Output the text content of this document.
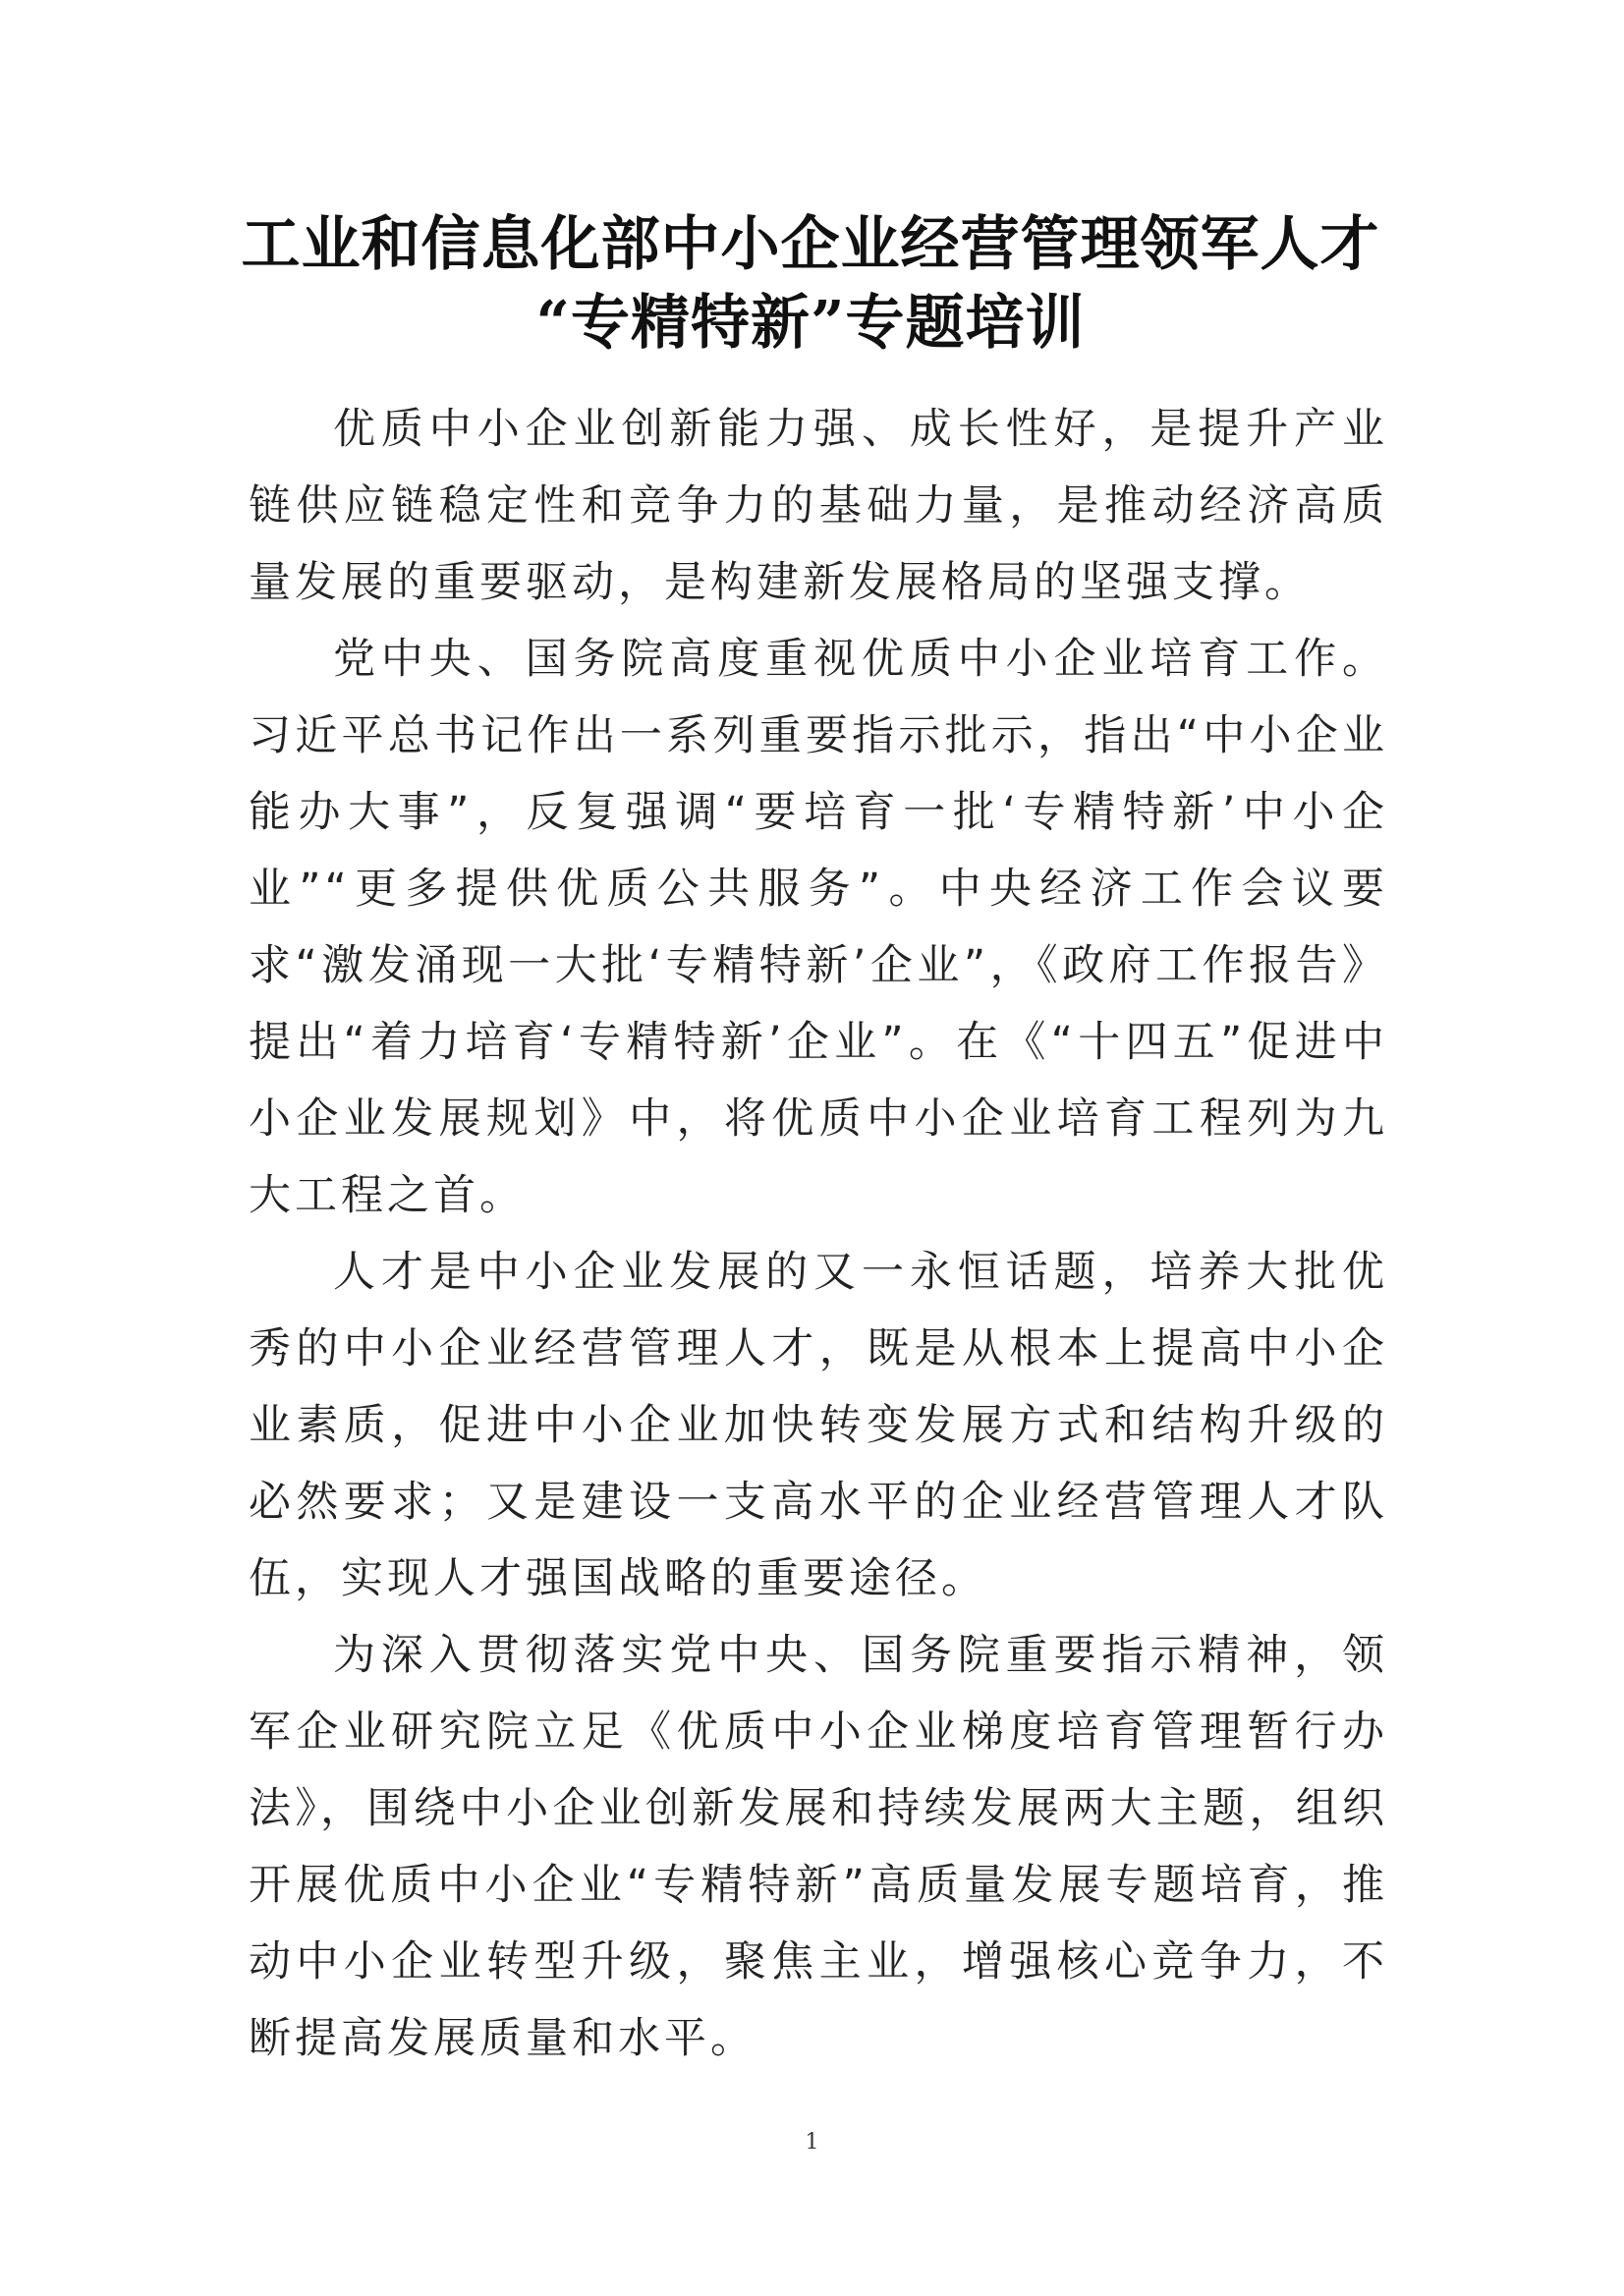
工业和信息化部中小企业经营管理领军人才
“专精特新”专题培训

优质中小企业创新能力强、成长性好，是提升产业链供应链稳定性和竞争力的基础力量，是推动经济高质量发展的重要驱动，是构建新发展格局的坚强支撑。

党中央、国务院高度重视优质中小企业培育工作。习近平总书记作出一系列重要指示批示，指出“中小企业能办大事”，反复强调“要培育一批‘专精特新’中小企业”“更多提供优质公共服务”。中央经济工作会议要求“激发涌现一大批‘专精特新’企业”，《政府工作报告》提出“着力培育‘专精特新’企业”。在《“十四五”促进中小企业发展规划》中，将优质中小企业培育工程列为九大工程之首。

人才是中小企业发展的又一永恒话题，培养大批优秀的中小企业经营管理人才，既是从根本上提高中小企业素质，促进中小企业加快转变发展方式和结构升级的必然要求；又是建设一支高水平的企业经营管理人才队伍，实现人才强国战略的重要途径。

为深入贯彻落实党中央、国务院重要指示精神，领军企业研究院立足《优质中小企业梯度培育管理暂行办法》，围绕中小企业创新发展和持续发展两大主题，组织开展优质中小企业“专精特新”高质量发展专题培育，推动中小企业转型升级，聚焦主业，增强核心竞争力，不断提高发展质量和水平。

1
